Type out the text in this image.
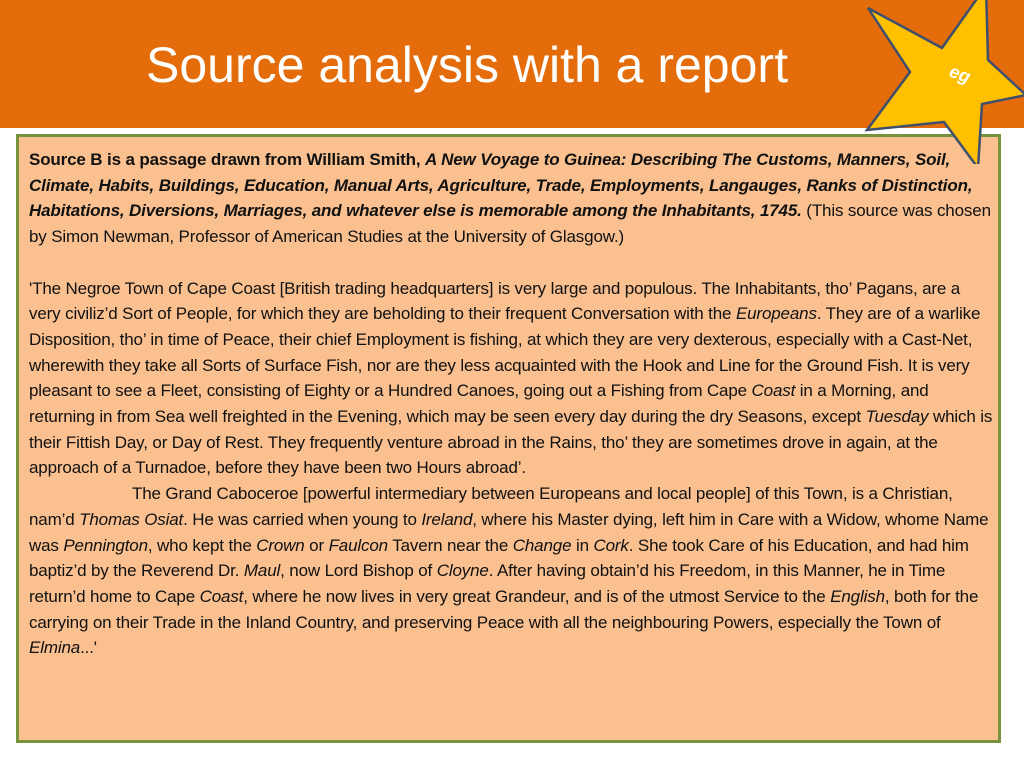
Source analysis with a report	eg

Source B is a passage drawn from William Smith, A New Voyage to Guinea: Describing The Customs, Manners, Soil, Climate, Habits, Buildings, Education, Manual Arts, Agriculture, Trade, Employments, Langauges, Ranks of Distinction, Habitations, Diversions, Marriages, and whatever else is memorable among the Inhabitants, 1745. (This source was chosen by Simon Newman, Professor of American Studies at the University of Glasgow.)

'The Negroe Town of Cape Coast [British trading headquarters] is very large and populous. The Inhabitants, tho’ Pagans, are a very civiliz’d Sort of People, for which they are beholding to their frequent Conversation with the Europeans. They are of a warlike Disposition, tho’ in time of Peace, their chief Employment is fishing, at which they are very dexterous, especially with a Cast-Net, wherewith they take all Sorts of Surface Fish, nor are they less acquainted with the Hook and Line for the Ground Fish. It is very pleasant to see a Fleet, consisting of Eighty or a Hundred Canoes, going out a Fishing from Cape Coast in a Morning, and returning in from Sea well freighted in the Evening, which may be seen every day during the dry Seasons, except Tuesday which is their Fittish Day, or Day of Rest. They frequently venture abroad in the Rains, tho’ they are sometimes drove in again, at the approach of a Turnadoe, before they have been two Hours abroad’.

The Grand Caboceroe [powerful intermediary between Europeans and local people] of this Town, is a Christian, nam’d Thomas Osiat. He was carried when young to Ireland, where his Master dying, left him in Care with a Widow, whome Name was Pennington, who kept the Crown or Faulcon Tavern near the Change in Cork. She took Care of his Education, and had him baptiz’d by the Reverend Dr. Maul, now Lord Bishop of Cloyne. After having obtain’d his Freedom, in this Manner, he in Time return’d home to Cape Coast, where he now lives in very great Grandeur, and is of the utmost Service to the English, both for the carrying on their Trade in the Inland Country, and preserving Peace with all the neighbouring Powers, especially the Town of Elmina...'
